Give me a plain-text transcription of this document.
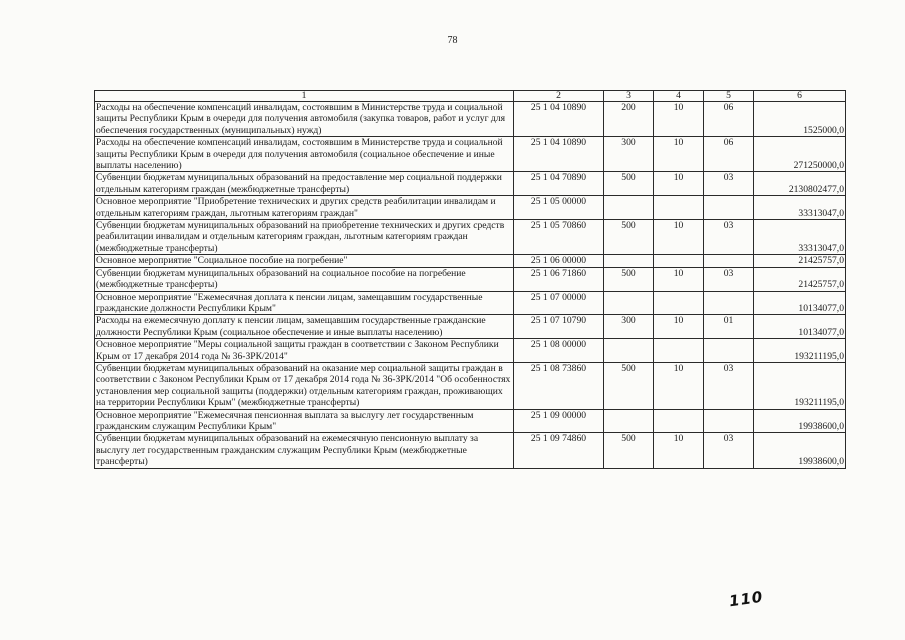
78
1	2	3	4	5	6
Расходы на обеспечение компенсаций инвалидам, состоявшим в Министерстве труда и социальной защиты Республики Крым в очереди для получения автомобиля (закупка товаров, работ и услуг для обеспечения государственных (муниципальных) нужд)	25 1 04 10890	200	10	06	1525000,0
Расходы на обеспечение компенсаций инвалидам, состоявшим в Министерстве труда и социальной защиты Республики Крым в очереди для получения автомобиля (социальное обеспечение и иные выплаты населению)	25 1 04 10890	300	10	06	271250000,0
Субвенции бюджетам муниципальных образований на предоставление мер социальной поддержки отдельным категориям граждан (межбюджетные трансферты)	25 1 04 70890	500	10	03	2130802477,0
Основное мероприятие "Приобретение технических и других средств реабилитации инвалидам и отдельным категориям граждан, льготным категориям граждан"	25 1 05 00000				33313047,0
Субвенции бюджетам муниципальных образований на приобретение технических и других средств реабилитации инвалидам и отдельным категориям граждан, льготным категориям граждан (межбюджетные трансферты)	25 1 05 70860	500	10	03	33313047,0
Основное мероприятие "Социальное пособие на погребение"	25 1 06 00000				21425757,0
Субвенции бюджетам муниципальных образований на социальное пособие на погребение (межбюджетные трансферты)	25 1 06 71860	500	10	03	21425757,0
Основное мероприятие "Ежемесячная доплата к пенсии лицам, замещавшим государственные гражданские должности Республики Крым"	25 1 07 00000				10134077,0
Расходы на ежемесячную доплату к пенсии лицам, замещавшим государственные гражданские должности Республики Крым (социальное обеспечение и иные выплаты населению)	25 1 07 10790	300	10	01	10134077,0
Основное мероприятие "Меры социальной защиты граждан в соответствии с Законом Республики Крым от 17 декабря 2014 года № 36-ЗРК/2014"	25 1 08 00000				193211195,0
Субвенции бюджетам муниципальных образований на оказание мер социальной защиты граждан в соответствии с Законом Республики Крым от 17 декабря 2014 года № 36-ЗРК/2014 "Об особенностях установления мер социальной защиты (поддержки) отдельным категориям граждан, проживающих на территории Республики Крым" (межбюджетные трансферты)	25 1 08 73860	500	10	03	193211195,0
Основное мероприятие "Ежемесячная пенсионная выплата за выслугу лет государственным гражданским служащим Республики Крым"	25 1 09 00000				19938600,0
Субвенции бюджетам муниципальных образований на ежемесячную пенсионную выплату за выслугу лет государственным гражданским служащим Республики Крым (межбюджетные трансферты)	25 1 09 74860	500	10	03	19938600,0
110
